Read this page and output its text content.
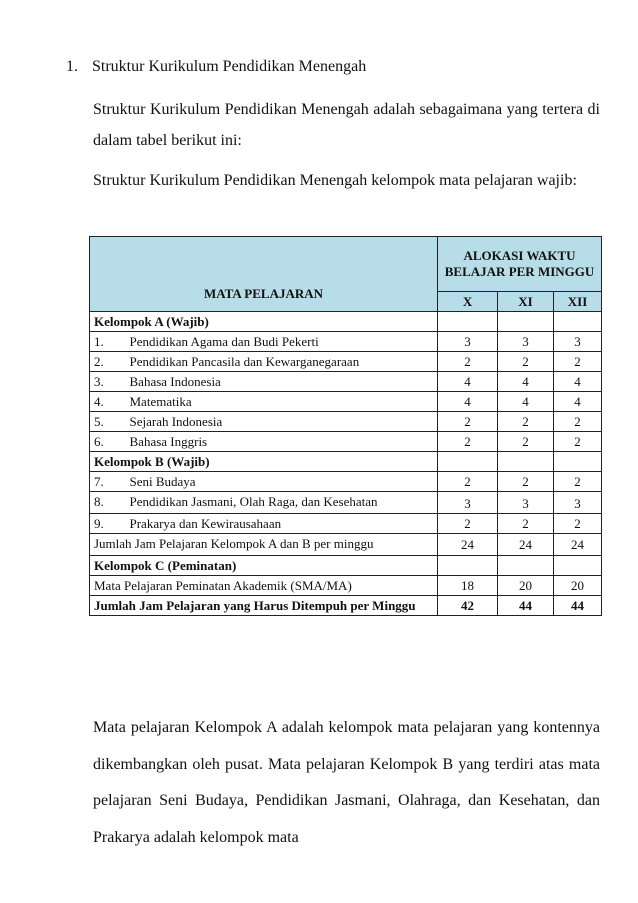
1. Struktur Kurikulum Pendidikan Menengah
Struktur Kurikulum Pendidikan Menengah adalah sebagaimana yang tertera di dalam tabel berikut ini:
Struktur Kurikulum Pendidikan Menengah kelompok mata pelajaran wajib:
MATA PELAJARAN		ALOKASI WAKTU BELAJAR PER MINGGU		
		X	XI	XII
Kelompok A (Wajib)				
1.	Pendidikan Agama dan Budi Pekerti	3	3	3
2.	Pendidikan Pancasila dan Kewarganegaraan	2	2	2
3.	Bahasa Indonesia	4	4	4
4.	Matematika	4	4	4
5.	Sejarah Indonesia	2	2	2
6.	Bahasa Inggris	2	2	2
Kelompok B (Wajib)				
7.	Seni Budaya	2	2	2
8.	Pendidikan Jasmani, Olah Raga, dan Kesehatan	3	3	3
9.	Prakarya dan Kewirausahaan	2	2	2
Jumlah Jam Pelajaran Kelompok A dan B per minggu		24	24	24
Kelompok C (Peminatan)				
Mata Pelajaran Peminatan Akademik (SMA/MA)		18	20	20
Jumlah Jam Pelajaran yang Harus Ditempuh per Minggu		42	44	44
Mata pelajaran Kelompok A adalah kelompok mata pelajaran yang kontennya dikembangkan oleh pusat. Mata pelajaran Kelompok B yang terdiri atas mata pelajaran Seni Budaya, Pendidikan Jasmani, Olahraga, dan Kesehatan, dan Prakarya adalah kelompok mata
